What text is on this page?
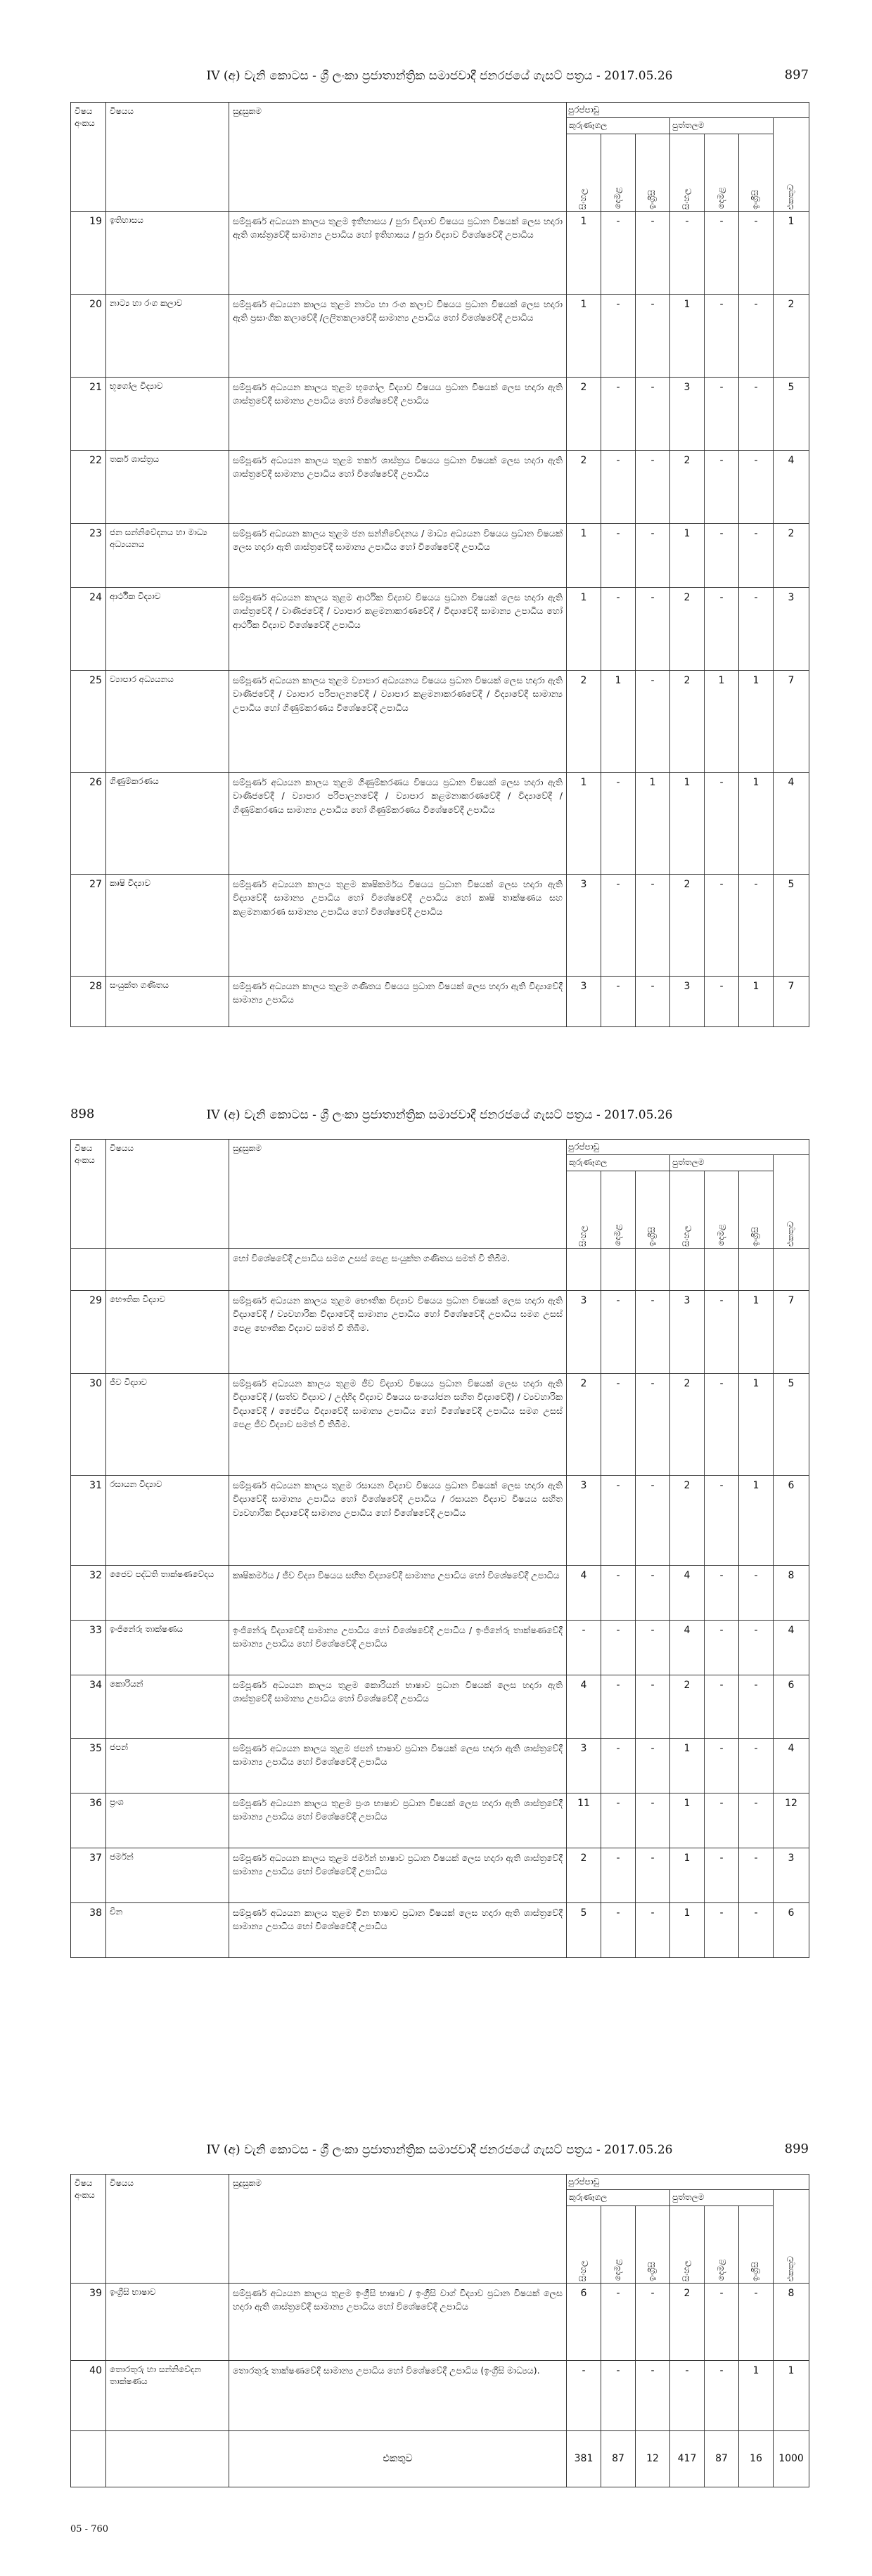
IV (අ) වැනි කොටස - ශ්‍රී ලංකා ප්‍රජාතාන්ත්‍රික සමාජවාදී ජනරජයේ ගැසට් පත්‍රය - 2017.05.26	897
විෂය අංකය	විෂයය	සුදුසුකම	පුරප්පාඩු						
			කුරුණෑගල			පුත්තලම			එකතුව

			සිංහල	දෙමළ	ඉංග්‍රීසි	සිංහල	දෙමළ	ඉංග්‍රීසි	

19	ඉතිහාසය	සම්පූර්ණ අධ්‍යයන කාලය තුළම ඉතිහාසය / පුරා විද්‍යාව විෂයය ප්‍රධාන විෂයක් ලෙස හදාරා ඇති ශාස්ත්‍රවේදී සාමාන්‍ය උපාධිය හෝ ඉතිහාසය / පුරා විද්‍යාව විශේෂවේදී උපාධිය	1	-	-	-	-	-	1
20	නාට්‍ය හා රංග කලාව	සම්පූර්ණ අධ්‍යයන කාලය තුළම නාට්‍ය හා රංග කලාව විෂයය ප්‍රධාන විෂයක් ලෙස හදාරා ඇති ප්‍රසාංගික කලාවේදී /ලලිතකලාවේදී සාමාන්‍ය උපාධිය හෝ විශේෂවේදී උපාධිය	1	-	-	1	-	-	2
21	භූගෝල විද්‍යාව	සම්පූර්ණ අධ්‍යයන කාලය තුළම භූගෝල විද්‍යාව විෂයය ප්‍රධාන විෂයක් ලෙස හදාරා ඇති ශාස්ත්‍රවේදී සාමාන්‍ය උපාධිය හෝ විශේෂවේදී උපාධිය	2	-	-	3	-	-	5
22	තර්ක ශාස්ත්‍රය	සම්පූර්ණ අධ්‍යයන කාලය තුළම තර්ක ශාස්ත්‍රය විෂයය ප්‍රධාන විෂයක් ලෙස හදාරා ඇති ශාස්ත්‍රවේදී සාමාන්‍ය උපාධිය හෝ විශේෂවේදී උපාධිය	2	-	-	2	-	-	4
23	ජන සන්නිවේදනය හා මාධ්‍ය අධ්‍යයනය	සම්පූර්ණ අධ්‍යයන කාලය තුළම ජන සන්නිවේදනය / මාධ්‍ය අධ්‍යයන විෂයය ප්‍රධාන විෂයක් ලෙස හදාරා ඇති ශාස්ත්‍රවේදී සාමාන්‍ය උපාධිය හෝ විශේෂවේදී උපාධිය	1	-	-	1	-	-	2
24	ආර්ථික විද්‍යාව	සම්පූර්ණ අධ්‍යයන කාලය තුළම ආර්ථික විද්‍යාව විෂයය ප්‍රධාන විෂයක් ලෙස හදාරා ඇති ශාස්ත්‍රවේදී / වාණිජවේදී / ව්‍යාපාර කළමනාකරණවේදී / විද්‍යාවේදී සාමාන්‍ය උපාධිය හෝ ආර්ථික විද්‍යාව විශේෂවේදී උපාධිය	1	-	-	2	-	-	3
25	ව්‍යාපාර අධ්‍යයනය	සම්පූර්ණ අධ්‍යයන කාලය තුළම ව්‍යාපාර අධ්‍යයනය විෂයය ප්‍රධාන විෂයක් ලෙස හදාරා ඇති වාණිජවේදී / ව්‍යාපාර පරිපාලනවේදී / ව්‍යාපාර කළමනාකරණවේදී / විද්‍යාවේදී සාමාන්‍ය උපාධිය හෝ ගිණුම්කරණය විශේෂවේදී උපාධිය	2	1	-	2	1	1	7
26	ගිණුම්කරණය	සම්පූර්ණ අධ්‍යයන කාලය තුළම ගිණුම්කරණය විෂයය ප්‍රධාන විෂයක් ලෙස හදාරා ඇති වාණිජවේදී / ව්‍යාපාර පරිපාලනවේදී / ව්‍යාපාර කළමනාකරණවේදී / විද්‍යාවේදී /ගිණුම්කරණය සාමාන්‍ය උපාධිය හෝ ගිණුම්කරණය විශේෂවේදී උපාධිය	1	-	1	1	-	1	4
27	කෘෂි විද්‍යාව	සම්පූර්ණ අධ්‍යයන කාලය තුළම කෘෂිකර්මය විෂයය ප්‍රධාන විෂයක් ලෙස හදාරා ඇති විද්‍යාවේදී සාමාන්‍ය උපාධිය හෝ විශේෂවේදී උපාධිය හෝ කෘෂි තාක්ෂණය සහ කළමනාකරණ සාමාන්‍ය උපාධිය හෝ විශේෂවේදී උපාධිය	3	-	-	2	-	-	5
28	සංයුක්ත ගණිතය	සම්පූර්ණ අධ්‍යයන කාලය තුළම ගණිතය විෂයය ප්‍රධාන විෂයක් ලෙස හදාරා ඇති විද්‍යාවේදී සාමාන්‍ය උපාධිය	3	-	-	3	-	1	7
898	IV (අ) වැනි කොටස - ශ්‍රී ලංකා ප්‍රජාතාන්ත්‍රික සමාජවාදී ජනරජයේ ගැසට් පත්‍රය - 2017.05.26
විෂය අංකය	විෂයය	සුදුසුකම	පුරප්පාඩු						
			කුරුණෑගල			පුත්තලම			එකතුව

			සිංහල	දෙමළ	ඉංග්‍රීසි	සිංහල	දෙමළ	ඉංග්‍රීසි	

		හෝ විශේෂවේදී උපාධිය සමග උසස් පෙළ සංයුක්ත ගණිතය සමත් වී තිබීම.							
29	භෞතික විද්‍යාව	සම්පූර්ණ අධ්‍යයන කාලය තුළම භෞතික විද්‍යාව විෂයය ප්‍රධාන විෂයක් ලෙස හදාරා ඇති විද්‍යාවේදී / ව්‍යවහාරික විද්‍යාවේදී සාමාන්‍ය උපාධිය හෝ විශේෂවේදී උපාධිය සමග උසස් පෙළ භෞතික විද්‍යාව සමත් වී තිබීම.	3	-	-	3	-	1	7
30	ජීව විද්‍යාව	සම්පූර්ණ අධ්‍යයන කාලය තුළම ජීව විද්‍යාව විෂයය ප්‍රධාන විෂයක් ලෙස හදාරා ඇති විද්‍යාවේදී / (සත්ව විද්‍යාව / උද්භිද විද්‍යාව විෂයය සංයෝජන සහිත විද්‍යාවේදී) / ව්‍යවහාරික විද්‍යාවේදී / ජෛවීය විද්‍යාවේදී සාමාන්‍ය උපාධිය හෝ විශේෂවේදී උපාධිය සමග උසස් පෙළ ජීව විද්‍යාව සමත් වී තිබීම.	2	-	-	2	-	1	5
31	රසායන විද්‍යාව	සම්පූර්ණ අධ්‍යයන කාලය තුළම රසායන විද්‍යාව විෂයය ප්‍රධාන විෂයක් ලෙස හදාරා ඇති විද්‍යාවේදී සාමාන්‍ය උපාධිය හෝ විශේෂවේදී උපාධිය / රසායන විද්‍යාව විෂයය සහිත ව්‍යවහාරික විද්‍යාවේදී සාමාන්‍ය උපාධිය හෝ විශේෂවේදී උපාධිය	3	-	-	2	-	1	6
32	ජෛව පද්ධති තාක්ෂණවේදය	කෘෂිකර්මය / ජීව විද්‍යා විෂයය සහිත විද්‍යාවේදී සාමාන්‍ය උපාධිය හෝ විශේෂවේදී උපාධිය	4	-	-	4	-	-	8
33	ඉංජිනේරු තාක්ෂණය	ඉංජිනේරු විද්‍යාවේදී සාමාන්‍ය උපාධිය හෝ විශේෂවේදී උපාධිය / ඉංජිනේරු තාක්ෂණවේදී සාමාන්‍ය උපාධිය හෝ විශේෂවේදී උපාධිය	-	-	-	4	-	-	4
34	කොරියන්	සම්පූර්ණ අධ්‍යයන කාලය තුළම කොරියන් භාෂාව ප්‍රධාන විෂයක් ලෙස හදාරා ඇති ශාස්ත්‍රවේදී සාමාන්‍ය උපාධිය හෝ විශේෂවේදී උපාධිය	4	-	-	2	-	-	6
35	ජපන්	සම්පූර්ණ අධ්‍යයන කාලය තුළම ජපන් භාෂාව ප්‍රධාන විෂයක් ලෙස හදාරා ඇති ශාස්ත්‍රවේදී සාමාන්‍ය උපාධිය හෝ විශේෂවේදී උපාධිය	3	-	-	1	-	-	4
36	ප්‍රංශ	සම්පූර්ණ අධ්‍යයන කාලය තුළම ප්‍රංශ භාෂාව ප්‍රධාන විෂයක් ලෙස හදාරා ඇති ශාස්ත්‍රවේදී සාමාන්‍ය උපාධිය හෝ විශේෂවේදී උපාධිය	11	-	-	1	-	-	12
37	ජර්මන්	සම්පූර්ණ අධ්‍යයන කාලය තුළම ජර්මන් භාෂාව ප්‍රධාන විෂයක් ලෙස හදාරා ඇති ශාස්ත්‍රවේදී සාමාන්‍ය උපාධිය හෝ විශේෂවේදී උපාධිය	2	-	-	1	-	-	3
38	චීන	සම්පූර්ණ අධ්‍යයන කාලය තුළම චීන භාෂාව ප්‍රධාන විෂයක් ලෙස හදාරා ඇති ශාස්ත්‍රවේදී සාමාන්‍ය උපාධිය හෝ විශේෂවේදී උපාධිය	5	-	-	1	-	-	6
IV (අ) වැනි කොටස - ශ්‍රී ලංකා ප්‍රජාතාන්ත්‍රික සමාජවාදී ජනරජයේ ගැසට් පත්‍රය - 2017.05.26	899
විෂය අංකය	විෂයය	සුදුසුකම	පුරප්පාඩු						
			කුරුණෑගල			පුත්තලම			එකතුව

			සිංහල	දෙමළ	ඉංග්‍රීසි	සිංහල	දෙමළ	ඉංග්‍රීසි	

39	ඉංග්‍රීසි භාෂාව	සම්පූර්ණ අධ්‍යයන කාලය තුළම ඉංග්‍රීසි භාෂාව / ඉංග්‍රීසි වාග් විද්‍යාව ප්‍රධාන විෂයක් ලෙස හදාරා ඇති ශාස්ත්‍රවේදී සාමාන්‍ය උපාධිය හෝ විශේෂවේදී උපාධිය	6	-	-	2	-	-	8
40	තොරතුරු හා සන්නිවේදන තාක්ෂණය	තොරතුරු තාක්ෂණවේදී සාමාන්‍ය උපාධිය හෝ විශේෂවේදී උපාධිය (ඉංග්‍රීසි මාධ්‍යය).	-	-	-	-	-	1	1
		එකතුව	381	87	12	417	87	16	1000
05 - 760
